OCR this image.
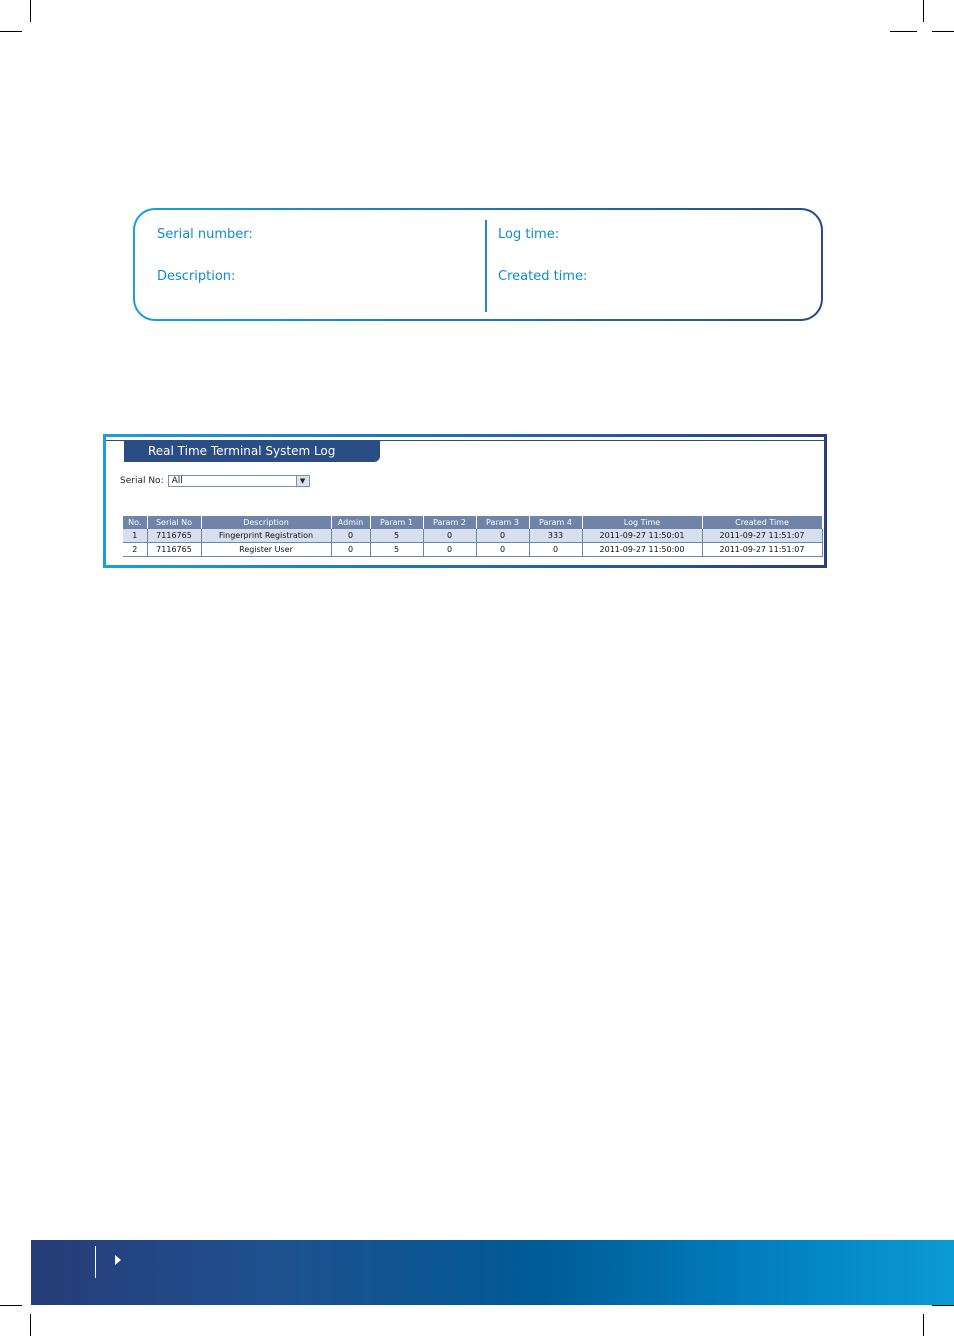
Serial number:
Description:
Log time:
Created time:
Real Time Terminal System Log
Serial No: All	▼
No.	Serial No	Description	Admin	Param 1	Param 2	Param 3	Param 4	Log Time	Created Time
1	7116765	Fingerprint Registration	0	5	0	0	333	2011-09-27 11:50:01	2011-09-27 11:51:07
2	7116765	Register User	0	5	0	0	0	2011-09-27 11:50:00	2011-09-27 11:51:07
